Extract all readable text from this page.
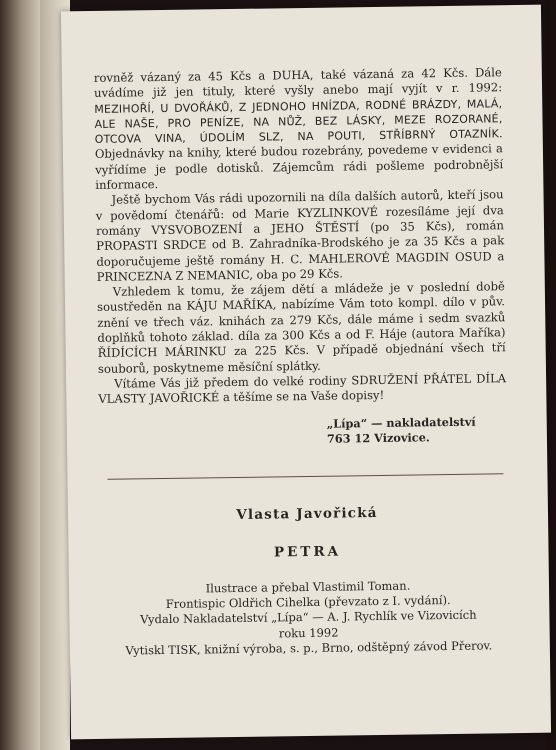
rovněž vázaný za 45 Kčs a DUHA, také vázaná za 42 Kčs. Dále uvádíme již jen tituly, které vyšly anebo mají vyjít v r. 1992: MEZIHOŘÍ, U DVOŘÁKŮ, Z JEDNOHO HNÍZDA, RODNÉ BRÁZDY, MALÁ, ALE NAŠE, PRO PENÍZE, NA NŮŽ, BEZ LÁSKY, MEZE ROZORANÉ, OTCOVA VINA, ÚDOLÍM SLZ, NA POUTI, STŘÍBRNÝ OTAZNÍK. Objednávky na knihy, které budou rozebrány, povedeme v evidenci a vyřídíme je podle dotisků. Zájemcům rádi pošleme podrobnější informace.

Ještě bychom Vás rádi upozornili na díla dalších autorů, kteří jsou v povědomí čtenářů: od Marie KYZLINKOVÉ rozesíláme její dva romány VYSVOBOZENÍ a JEHO ŠTĚSTÍ (po 35 Kčs), román PROPASTI SRDCE od B. Zahradníka-Brodského je za 35 Kčs a pak doporučujeme ještě romány H. C. MAHLEROVÉ MAGDIN OSUD a PRINCEZNA Z NEMANIC, oba po 29 Kčs.

Vzhledem k tomu, že zájem dětí a mládeže je v poslední době soustředěn na KÁJU MAŘÍKA, nabízíme Vám toto kompl. dílo v pův. znění ve třech váz. knihách za 279 Kčs, dále máme i sedm svazků doplňků tohoto základ. díla za 300 Kčs a od F. Háje (autora Maříka) ŘÍDÍCÍCH MÁRINKU za 225 Kčs. V případě objednání všech tří souborů, poskytneme měsíční splátky.

Vítáme Vás již předem do velké rodiny SDRUŽENÍ PŘÁTEL DÍLA VLASTY JAVOŘICKÉ a těšíme se na Vaše dopisy!

„Lípa“ — nakladatelství
763 12 Vizovice.
Vlasta Javořická
PETRA
Ilustrace a přebal Vlastimil Toman.
Frontispic Oldřich Cihelka (převzato z I. vydání).
Vydalo Nakladatelství „Lípa“ — A. J. Rychlík ve Vizovicích
roku 1992
Vytiskl TISK, knižní výroba, s. p., Brno, odštěpný závod Přerov.
